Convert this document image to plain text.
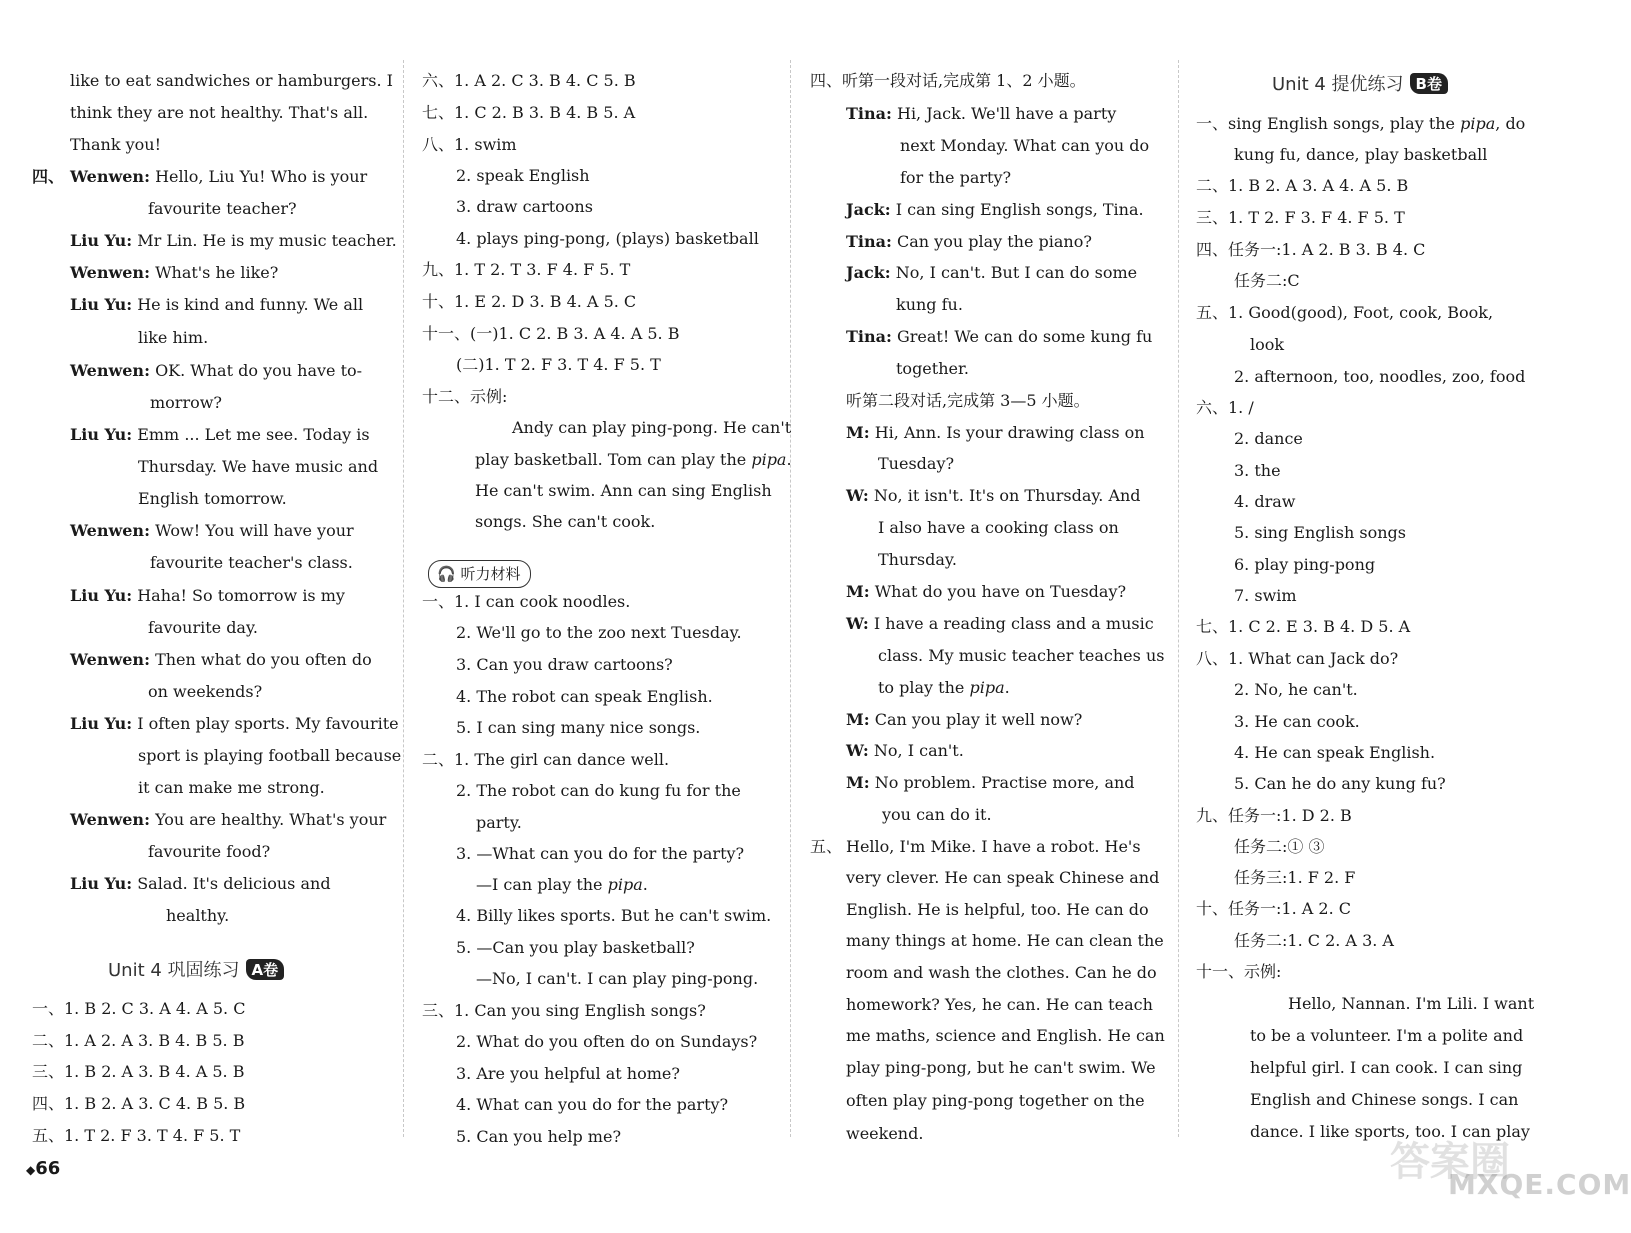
like to eat sandwiches or hamburgers. I
think they are not healthy. That's all.
Thank you!
四、 Wenwen: Hello, Liu Yu! Who is your
favourite teacher?
Liu Yu: Mr Lin. He is my music teacher.
Wenwen: What's he like?
Liu Yu: He is kind and funny. We all
like him.
Wenwen: OK. What do you have to-
morrow?
Liu Yu: Emm ... Let me see. Today is
Thursday. We have music and
English tomorrow.
Wenwen: Wow! You will have your
favourite teacher's class.
Liu Yu: Haha! So tomorrow is my
favourite day.
Wenwen: Then what do you often do
on weekends?
Liu Yu: I often play sports. My favourite
sport is playing football because
it can make me strong.
Wenwen: You are healthy. What's your
favourite food?
Liu Yu: Salad. It's delicious and
healthy.
Unit 4 巩固练习 A卷
一、1. B 2. C 3. A 4. A 5. C
二、1. A 2. A 3. B 4. B 5. B
三、1. B 2. A 3. B 4. A 5. B
四、1. B 2. A 3. C 4. B 5. B
五、1. T 2. F 3. T 4. F 5. T
◆66
六、1. A 2. C 3. B 4. C 5. B
七、1. C 2. B 3. B 4. B 5. A
八、1. swim
2. speak English
3. draw cartoons
4. plays ping-pong, (plays) basketball
九、1. T 2. T 3. F 4. F 5. T
十、1. E 2. D 3. B 4. A 5. C
十一、(一)1. C 2. B 3. A 4. A 5. B
(二)1. T 2. F 3. T 4. F 5. T
十二、示例:
Andy can play ping-pong. He can't
play basketball. Tom can play the pipa.
He can't swim. Ann can sing English
songs. She can't cook.
🎧 听力材料
一、1. I can cook noodles.
2. We'll go to the zoo next Tuesday.
3. Can you draw cartoons?
4. The robot can speak English.
5. I can sing many nice songs.
二、1. The girl can dance well.
2. The robot can do kung fu for the
party.
3. —What can you do for the party?
—I can play the pipa.
4. Billy likes sports. But he can't swim.
5. —Can you play basketball?
—No, I can't. I can play ping-pong.
三、1. Can you sing English songs?
2. What do you often do on Sundays?
3. Are you helpful at home?
4. What can you do for the party?
5. Can you help me?
四、听第一段对话,完成第 1、2 小题。
Tina: Hi, Jack. We'll have a party
next Monday. What can you do
for the party?
Jack: I can sing English songs, Tina.
Tina: Can you play the piano?
Jack: No, I can't. But I can do some
kung fu.
Tina: Great! We can do some kung fu
together.
听第二段对话,完成第 3—5 小题。
M: Hi, Ann. Is your drawing class on
Tuesday?
W: No, it isn't. It's on Thursday. And
I also have a cooking class on
Thursday.
M: What do you have on Tuesday?
W: I have a reading class and a music
class. My music teacher teaches us
to play the pipa.
M: Can you play it well now?
W: No, I can't.
M: No problem. Practise more, and
you can do it.
五、 Hello, I'm Mike. I have a robot. He's
very clever. He can speak Chinese and
English. He is helpful, too. He can do
many things at home. He can clean the
room and wash the clothes. Can he do
homework? Yes, he can. He can teach
me maths, science and English. He can
play ping-pong, but he can't swim. We
often play ping-pong together on the
weekend.
Unit 4 提优练习 B卷
一、sing English songs, play the pipa, do
kung fu, dance, play basketball
二、1. B 2. A 3. A 4. A 5. B
三、1. T 2. F 3. F 4. F 5. T
四、任务一:1. A 2. B 3. B 4. C
任务二:C
五、1. Good(good), Foot, cook, Book,
look
2. afternoon, too, noodles, zoo, food
六、1. /
2. dance
3. the
4. draw
5. sing English songs
6. play ping-pong
7. swim
七、1. C 2. E 3. B 4. D 5. A
八、1. What can Jack do?
2. No, he can't.
3. He can cook.
4. He can speak English.
5. Can he do any kung fu?
九、任务一:1. D 2. B
任务二:① ③
任务三:1. F 2. F
十、任务一:1. A 2. C
任务二:1. C 2. A 3. A
十一、示例:
Hello, Nannan. I'm Lili. I want
to be a volunteer. I'm a polite and
helpful girl. I can cook. I can sing
English and Chinese songs. I can
dance. I like sports, too. I can play
答案圈
MXQE.COM
